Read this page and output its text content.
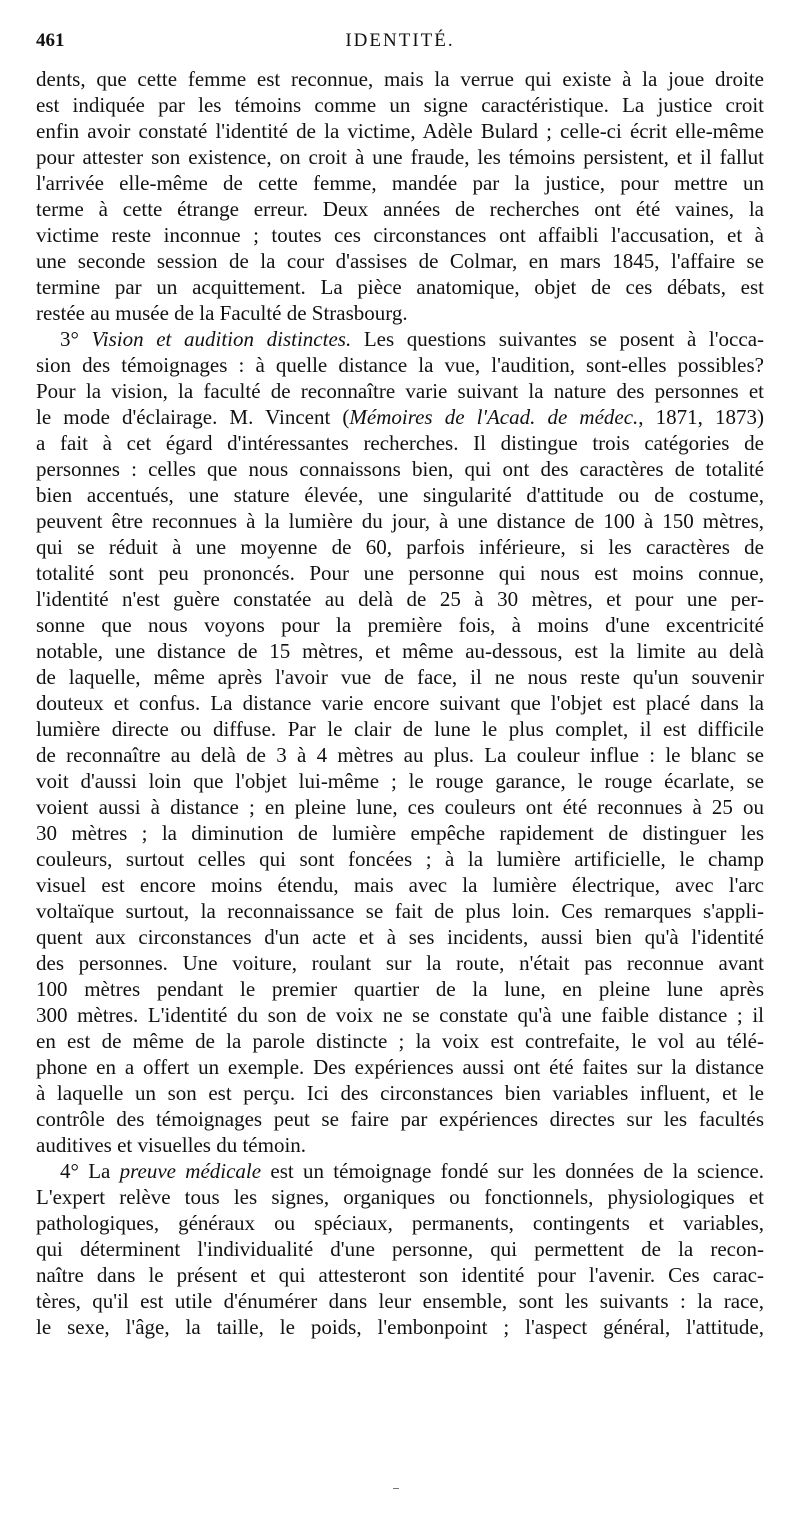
461	IDENTITÉ.
dents, que cette femme est reconnue, mais la verrue qui existe à la joue droite
est indiquée par les témoins comme un signe caractéristique. La justice croit
enfin avoir constaté l'identité de la victime, Adèle Bulard ; celle-ci écrit elle-même
pour attester son existence, on croit à une fraude, les témoins persistent, et il fallut
l'arrivée elle-même de cette femme, mandée par la justice, pour mettre un
terme à cette étrange erreur. Deux années de recherches ont été vaines, la
victime reste inconnue ; toutes ces circonstances ont affaibli l'accusation, et à
une seconde session de la cour d'assises de Colmar, en mars 1845, l'affaire se
termine par un acquittement. La pièce anatomique, objet de ces débats, est
restée au musée de la Faculté de Strasbourg.
3° Vision et audition distinctes. Les questions suivantes se posent à l'occa-
sion des témoignages : à quelle distance la vue, l'audition, sont-elles possibles?
Pour la vision, la faculté de reconnaître varie suivant la nature des personnes et
le mode d'éclairage. M. Vincent (Mémoires de l'Acad. de médec., 1871, 1873)
a fait à cet égard d'intéressantes recherches. Il distingue trois catégories de
personnes : celles que nous connaissons bien, qui ont des caractères de totalité
bien accentués, une stature élevée, une singularité d'attitude ou de costume,
peuvent être reconnues à la lumière du jour, à une distance de 100 à 150 mètres,
qui se réduit à une moyenne de 60, parfois inférieure, si les caractères de
totalité sont peu prononcés. Pour une personne qui nous est moins connue,
l'identité n'est guère constatée au delà de 25 à 30 mètres, et pour une per-
sonne que nous voyons pour la première fois, à moins d'une excentricité
notable, une distance de 15 mètres, et même au-dessous, est la limite au delà
de laquelle, même après l'avoir vue de face, il ne nous reste qu'un souvenir
douteux et confus. La distance varie encore suivant que l'objet est placé dans la
lumière directe ou diffuse. Par le clair de lune le plus complet, il est difficile
de reconnaître au delà de 3 à 4 mètres au plus. La couleur influe : le blanc se
voit d'aussi loin que l'objet lui-même ; le rouge garance, le rouge écarlate, se
voient aussi à distance ; en pleine lune, ces couleurs ont été reconnues à 25 ou
30 mètres ; la diminution de lumière empêche rapidement de distinguer les
couleurs, surtout celles qui sont foncées ; à la lumière artificielle, le champ
visuel est encore moins étendu, mais avec la lumière électrique, avec l'arc
voltaïque surtout, la reconnaissance se fait de plus loin. Ces remarques s'appli-
quent aux circonstances d'un acte et à ses incidents, aussi bien qu'à l'identité
des personnes. Une voiture, roulant sur la route, n'était pas reconnue avant
100 mètres pendant le premier quartier de la lune, en pleine lune après
300 mètres. L'identité du son de voix ne se constate qu'à une faible distance ; il
en est de même de la parole distincte ; la voix est contrefaite, le vol au télé-
phone en a offert un exemple. Des expériences aussi ont été faites sur la distance
à laquelle un son est perçu. Ici des circonstances bien variables influent, et le
contrôle des témoignages peut se faire par expériences directes sur les facultés
auditives et visuelles du témoin.
4° La preuve médicale est un témoignage fondé sur les données de la science.
L'expert relève tous les signes, organiques ou fonctionnels, physiologiques et
pathologiques, généraux ou spéciaux, permanents, contingents et variables,
qui déterminent l'individualité d'une personne, qui permettent de la recon-
naître dans le présent et qui attesteront son identité pour l'avenir. Ces carac-
tères, qu'il est utile d'énumérer dans leur ensemble, sont les suivants : la race,
le sexe, l'âge, la taille, le poids, l'embonpoint ; l'aspect général, l'attitude,
